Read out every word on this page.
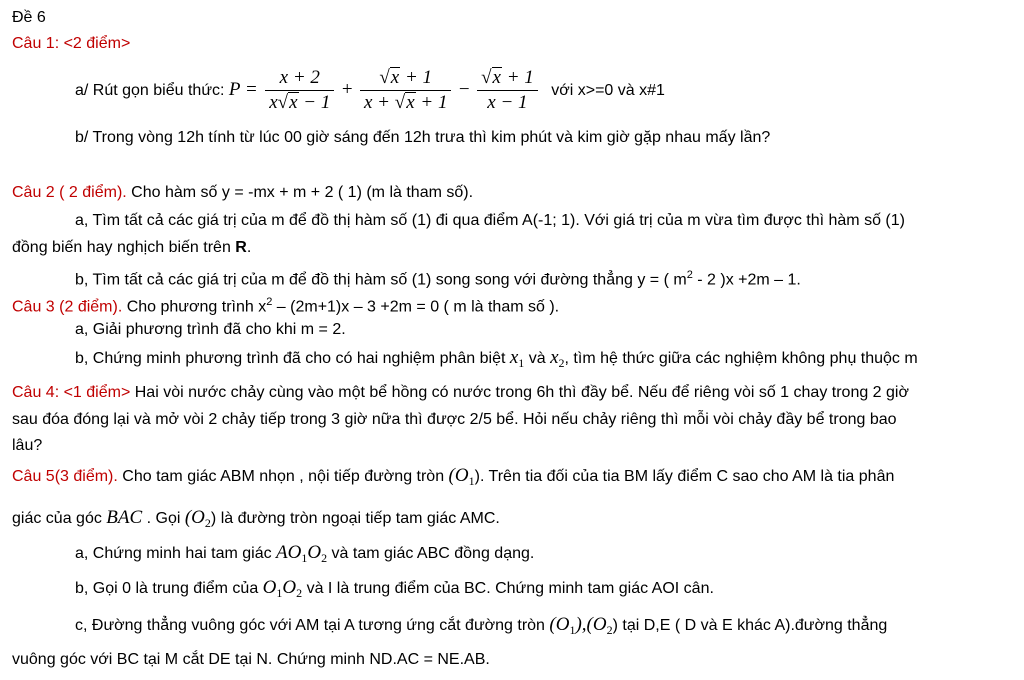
Đề 6
Câu 1: <2 điểm>
a/ Rút gọn biểu thức: $P = \frac{x + 2}{x√x - 1} + \frac{√x + 1}{x + √x + 1} - \frac{√x + 1}{x - 1}$ với x>=0 và x#1
b/ Trong vòng 12h tính từ lúc 00 giờ sáng đến 12h trưa thì kim phút và kim giờ gặp nhau mấy lần?
Câu 2 ( 2 điểm). Cho hàm số y = -mx + m + 2 ( 1) (m là tham số).
a, Tìm tất cả các giá trị của m để đồ thị hàm số (1) đi qua điểm A(-1; 1). Với giá trị của m vừa tìm được thì hàm số (1)
đồng biến hay nghịch biến trên R.
b, Tìm tất cả các giá trị của m để đồ thị hàm số (1) song song với đường thẳng y = ( $m^2 - 2$ )x +2m – 1.
Câu 3 (2 điểm). Cho phương trình $x^2 - (2m+1)x - 3 +2m = 0$ ( m là tham số ).
a, Giải phương trình đã cho khi m = 2.
b, Chứng minh phương trình đã cho có hai nghiệm phân biệt $x_1$ và $x_2$, tìm hệ thức giữa các nghiệm không phụ thuộc m
Câu 4: <1 điểm> Hai vòi nước chảy cùng vào một bể hồng có nước trong 6h thì đầy bể. Nếu để riêng vòi số 1 chay trong 2 giờ
sau đóa đóng lại và mở vòi 2 chảy tiếp trong 3 giờ nữa thì được 2/5 bể. Hỏi nếu chảy riêng thì mỗi vòi chảy đầy bể trong bao
lâu?
Câu 5(3 điểm). Cho tam giác ABM nhọn , nội tiếp đường tròn $(O_1)$. Trên tia đối của tia BM lấy điểm C sao cho AM là tia phân
giác của góc BAC . Gọi $(O_2)$ là đường tròn ngoại tiếp tam giác AMC.
a, Chứng minh hai tam giác $AO_1O_2$ và tam giác ABC đồng dạng.
b, Gọi 0 là trung điểm của $O_1O_2$ và I là trung điểm của BC. Chứng minh tam giác AOI cân.
c, Đường thẳng vuông góc với AM tại A tương ứng cắt đường tròn $(O_1),(O_2)$ tại D,E ( D và E khác A).đường thẳng
vuông góc với BC tại M cắt DE tại N. Chứng minh ND.AC = NE.AB.
